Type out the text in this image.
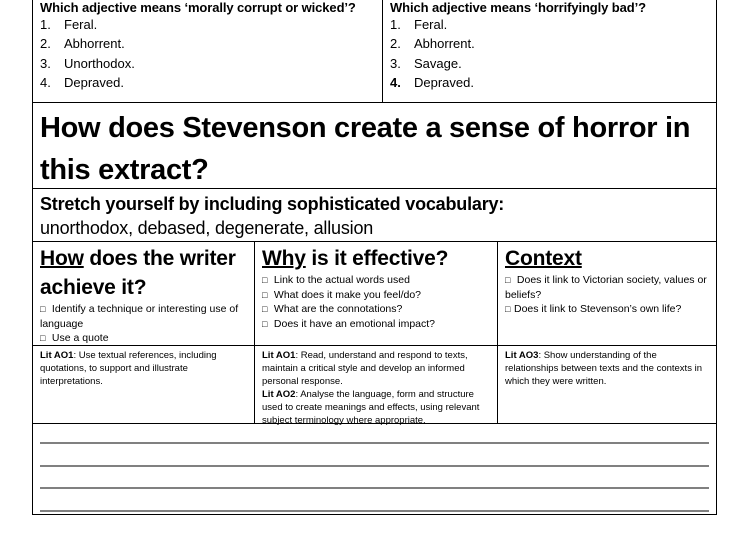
Which adjective means ‘morally corrupt or wicked’?
1.	Feral.
2.	Abhorrent.
3.	Unorthodox.
4.	Depraved.
Which adjective means ‘horrifyingly bad’?
1.	Feral.
2.	Abhorrent.
3.	Savage.
4.	Depraved.
How does Stevenson create a sense of horror in this extract?
Stretch yourself by including sophisticated vocabulary:
unorthodox, debased, degenerate, allusion
How does the writer achieve it?
□ Identify a technique or interesting use of language
□ Use a quote
Why is it effective?
□ Link to the actual words used
□ What does it make you feel/do?
□ What are the connotations?
□ Does it have an emotional impact?
Context
□ Does it link to Victorian society, values or beliefs?
□ Does it link to Stevenson’s own life?
Lit AO1: Use textual references, including quotations, to support and illustrate interpretations.
Lit AO1: Read, understand and respond to texts, maintain a critical style and develop an informed personal response.
Lit AO2: Analyse the language, form and structure used to create meanings and effects, using relevant subject terminology where appropriate.
Lit AO3: Show understanding of the relationships between texts and the contexts in which they were written.
